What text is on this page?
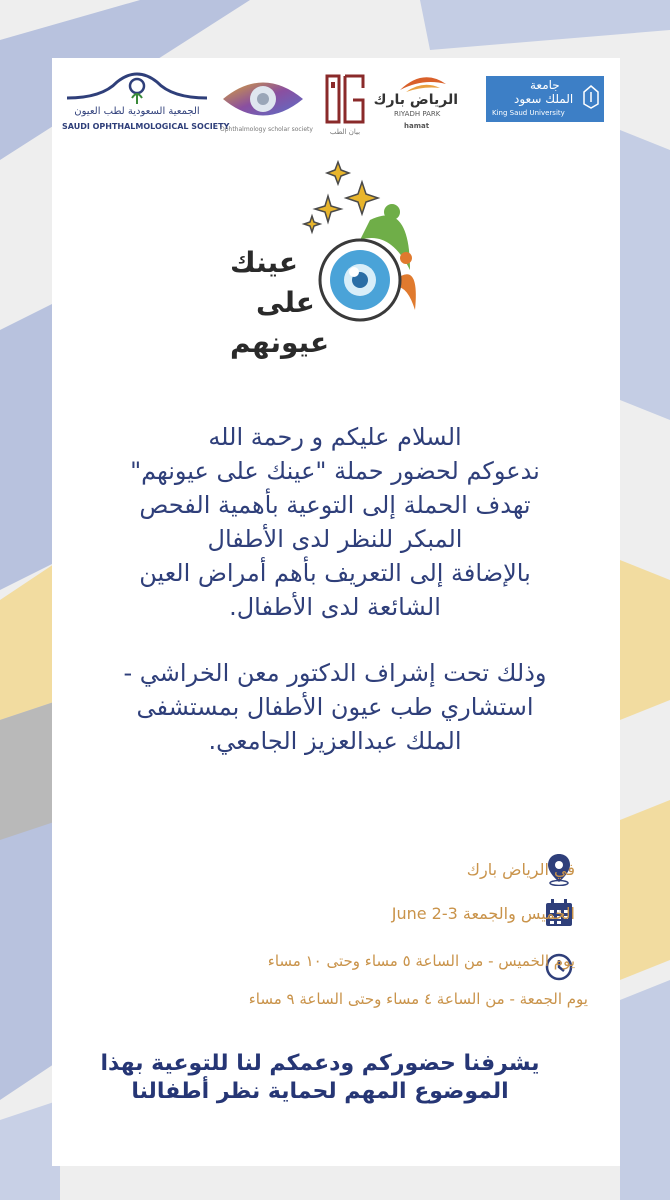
الجمعية السعودية لطب العيون
SAUDI OPHTHALMOLOGICAL SOCIETY
Ophthalmology scholar society	بيان الطب
الرياض بارك
RIYADH PARK
hamat
جامعة
الملك سعود
King Saud University
عينك
على
عيونهم

السلام عليكم و رحمة الله

ندعوكم لحضور حملة "عينك على عيونهم"

تهدف الحملة إلى التوعية بأهمية الفحص

المبكر للنظر لدى الأطفال

بالإضافة إلى التعريف بأهم أمراض العين

الشائعة لدى الأطفال.

وذلك تحت إشراف الدكتور معن الخراشي -

استشاري طب عيون الأطفال بمستشفى

الملك عبدالعزيز الجامعي.

في الرياض بارك
الخميس والجمعة June 2-3
يوم الخميس - من الساعة ٥ مساء وحتى ١٠ مساء
يوم الجمعة - من الساعة ٤ مساء وحتى الساعة ٩ مساء

يشرفنا حضوركم ودعمكم لنا للتوعية بهذا

الموضوع المهم لحماية نظر أطفالنا
